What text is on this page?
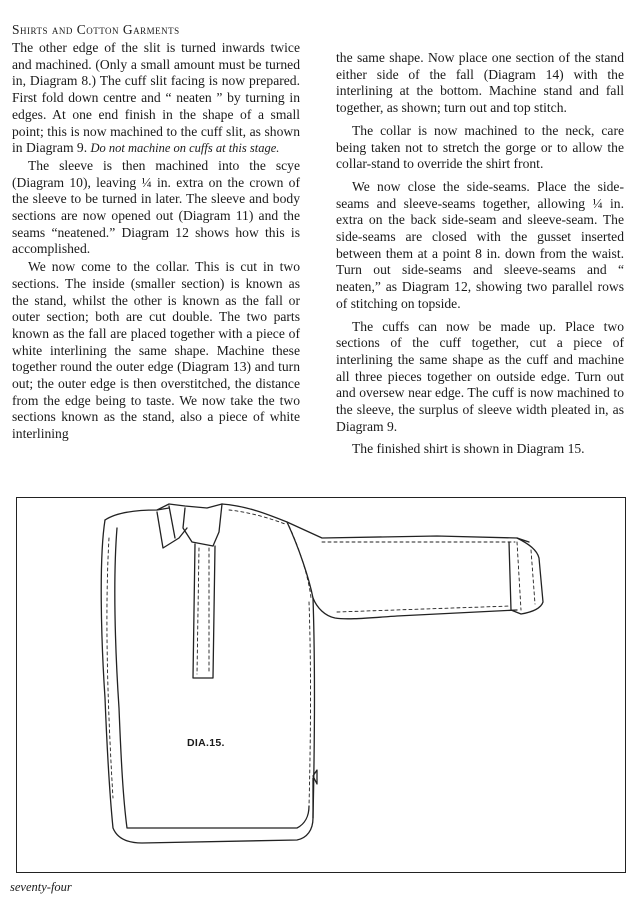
Shirts and Cotton Garments

The other edge of the slit is turned inwards twice and machined. (Only a small amount must be turned in, Diagram 8.) The cuff slit facing is now prepared. First fold down centre and “ neaten ” by turning in edges. At one end finish in the shape of a small point; this is now machined to the cuff slit, as shown in Diagram 9. Do not machine on cuffs at this stage.

The sleeve is then machined into the scye (Diagram 10), leaving ¼ in. extra on the crown of the sleeve to be turned in later. The sleeve and body sections are now opened out (Diagram 11) and the seams “neatened.” Diagram 12 shows how this is accomplished.

We now come to the collar. This is cut in two sections. The inside (smaller section) is known as the stand, whilst the other is known as the fall or outer section; both are cut double. The two parts known as the fall are placed together with a piece of white interlining the same shape. Machine these together round the outer edge (Diagram 13) and turn out; the outer edge is then overstitched, the distance from the edge being to taste. We now take the two sections known as the stand, also a piece of white interlining

the same shape. Now place one section of the stand either side of the fall (Diagram 14) with the interlining at the bottom. Machine stand and fall together, as shown; turn out and top stitch.

The collar is now machined to the neck, care being taken not to stretch the gorge or to allow the collar-stand to override the shirt front.

We now close the side-seams. Place the side-seams and sleeve-seams together, allowing ¼ in. extra on the back side-seam and sleeve-seam. The side-seams are closed with the gusset inserted between them at a point 8 in. down from the waist. Turn out side-seams and sleeve-seams and “ neaten,” as Diagram 12, showing two parallel rows of stitching on topside.

The cuffs can now be made up. Place two sections of the cuff together, cut a piece of interlining the same shape as the cuff and machine all three pieces together on outside edge. Turn out and oversew near edge. The cuff is now machined to the sleeve, the surplus of sleeve width pleated in, as Diagram 9.

The finished shirt is shown in Diagram 15.

DIA.15.
seventy-four
